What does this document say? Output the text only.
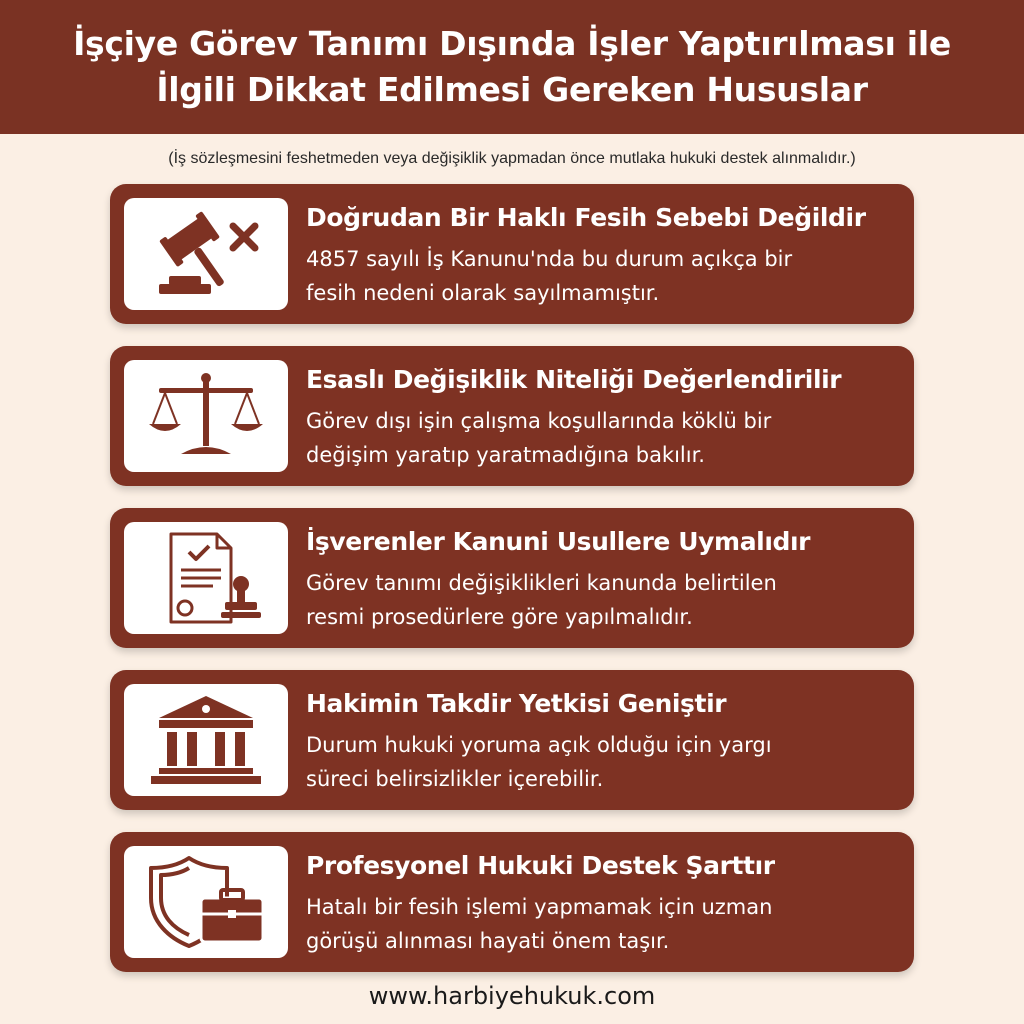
İşçiye Görev Tanımı Dışında İşler Yaptırılması ile
İlgili Dikkat Edilmesi Gereken Hususlar
(İş sözleşmesini feshetmeden veya değişiklik yapmadan önce mutlaka hukuki destek alınmalıdır.)
Doğrudan Bir Haklı Fesih Sebebi Değildir
4857 sayılı İş Kanunu'nda bu durum açıkça bir
fesih nedeni olarak sayılmamıştır.
Esaslı Değişiklik Niteliği Değerlendirilir
Görev dışı işin çalışma koşullarında köklü bir
değişim yaratıp yaratmadığına bakılır.
İşverenler Kanuni Usullere Uymalıdır
Görev tanımı değişiklikleri kanunda belirtilen
resmi prosedürlere göre yapılmalıdır.
Hakimin Takdir Yetkisi Geniştir
Durum hukuki yoruma açık olduğu için yargı
süreci belirsizlikler içerebilir.
Profesyonel Hukuki Destek Şarttır
Hatalı bir fesih işlemi yapmamak için uzman
görüşü alınması hayati önem taşır.
www.harbiyehukuk.com
